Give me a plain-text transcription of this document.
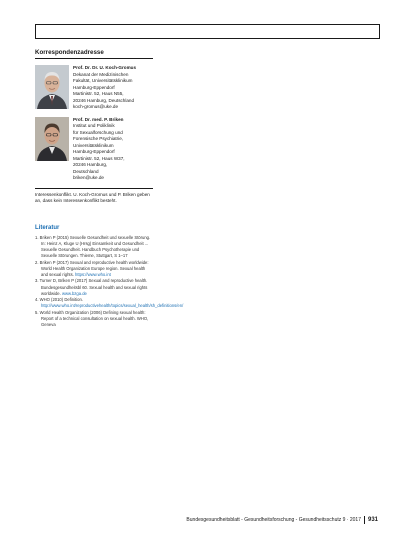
Korrespondenzadresse
Prof. Dr. Dr. U. Koch-Gromus
Dekanat der Medizinischen
Fakultät, Universitätsklinikum
Hamburg-Eppendorf
Martinistr. 52, Haus N55,
20246 Hamburg, Deutschland
koch-gromus@uke.de
Prof. Dr. med. P. Briken
Institut und Poliklinik
für Sexualforschung und
Forensische Psychiatrie,
Universitätsklinikum
Hamburg-Eppendorf
Martinistr. 52, Haus W37,
20246 Hamburg,
Deutschland
briken@uke.de
Interessenkonflikt. U. Koch-Gromus und P. Briken geben an, dass kein Interessenkonflikt besteht.
Literatur
1. Briken P (2015) Sexuelle Gesundheit und sexuelle Störung. In: Heinz A, Kluge U (Hrsg) Einsamkeit und Gesundheit ... Sexuelle Gesundheit. Handbuch Psychotherapie und Sexuelle Störungen. Thieme, Stuttgart, S 1–17
2. Briken P (2017) Sexual and reproductive health worldwide: World Health Organization Europe region. Sexual health and sexual rights. https://www.who.int
3. Turner D, Briken P (2017) Sexual and reproductive health. Bundesgesundheitsbl 60. Sexual health and sexual rights worldwide. www.bzga.de
4. WHO (2010) Definition. http://www.who.int/reproductivehealth/topics/sexual_health/sh_definitions/en/
5. World Health Organization (2006) Defining sexual health: Report of a technical consultation on sexual health. WHO, Geneva
Bundesgesundheitsblatt - Gesundheitsforschung - Gesundheitsschutz 9 · 2017 931
